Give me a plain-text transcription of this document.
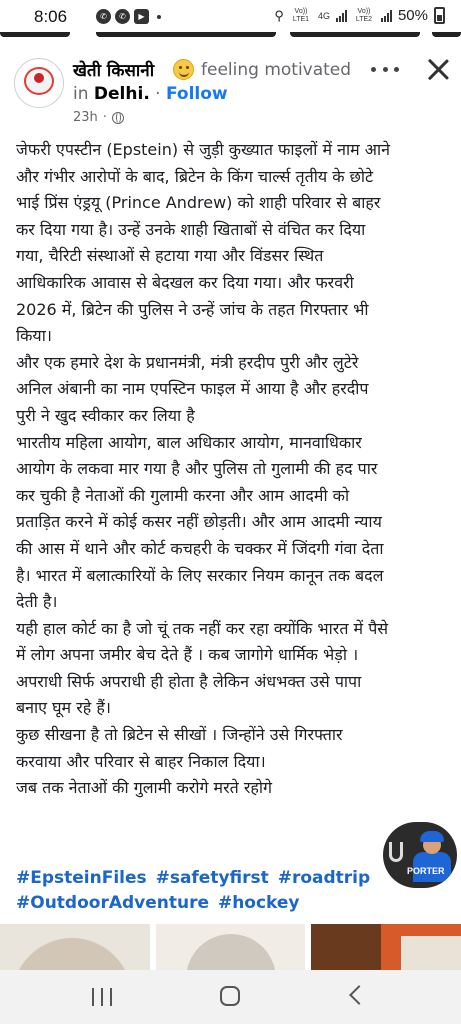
8:06	✆	✆	▶	⚲	Vo)) LTE1 4G	Vo)) LTE2 50%
खेती किसानी	feeling motivated
in Delhi. · Follow
23h ·
जेफरी एपस्टीन (Epstein) से जुड़ी कुख्यात फाइलों में नाम आने
और गंभीर आरोपों के बाद, ब्रिटेन के किंग चार्ल्स तृतीय के छोटे
भाई प्रिंस एंड्रयू (Prince Andrew) को शाही परिवार से बाहर
कर दिया गया है। उन्हें उनके शाही खिताबों से वंचित कर दिया
गया, चैरिटी संस्थाओं से हटाया गया और विंडसर स्थित
आधिकारिक आवास से बेदखल कर दिया गया। और फरवरी
2026 में, ब्रिटेन की पुलिस ने उन्हें जांच के तहत गिरफ्तार भी
किया।
और एक हमारे देश के प्रधानमंत्री, मंत्री हरदीप पुरी और लुटेरे
अनिल अंबानी का नाम एपस्टिन फाइल में आया है और हरदीप
पुरी ने खुद स्वीकार कर लिया है
भारतीय महिला आयोग, बाल अधिकार आयोग, मानवाधिकार
आयोग के लकवा मार गया है और पुलिस तो गुलामी की हद पार
कर चुकी है नेताओं की गुलामी करना और आम आदमी को
प्रताड़ित करने में कोई कसर नहीं छोड़ती। और आम आदमी न्याय
की आस में थाने और कोर्ट कचहरी के चक्कर में जिंदगी गंवा देता
है। भारत में बलात्कारियों के लिए सरकार नियम कानून तक बदल
देती है।
यही हाल कोर्ट का है जो चूं तक नहीं कर रहा क्योंकि भारत में पैसे
में लोग अपना जमीर बेच देते हैं । कब जागोगे धार्मिक भेड़ो ।
अपराधी सिर्फ अपराधी ही होता है लेकिन अंधभक्त उसे पापा
बनाए घूम रहे हैं।
कुछ सीखना है तो ब्रिटेन से सीखों । जिन्होंने उसे गिरफ्तार
करवाया और परिवार से बाहर निकाल दिया।
जब तक नेताओं की गुलामी करोगे मरते रहोगे
PORTER
#EpsteinFiles #safetyfirst #roadtrip
#OutdoorAdventure #hockey
